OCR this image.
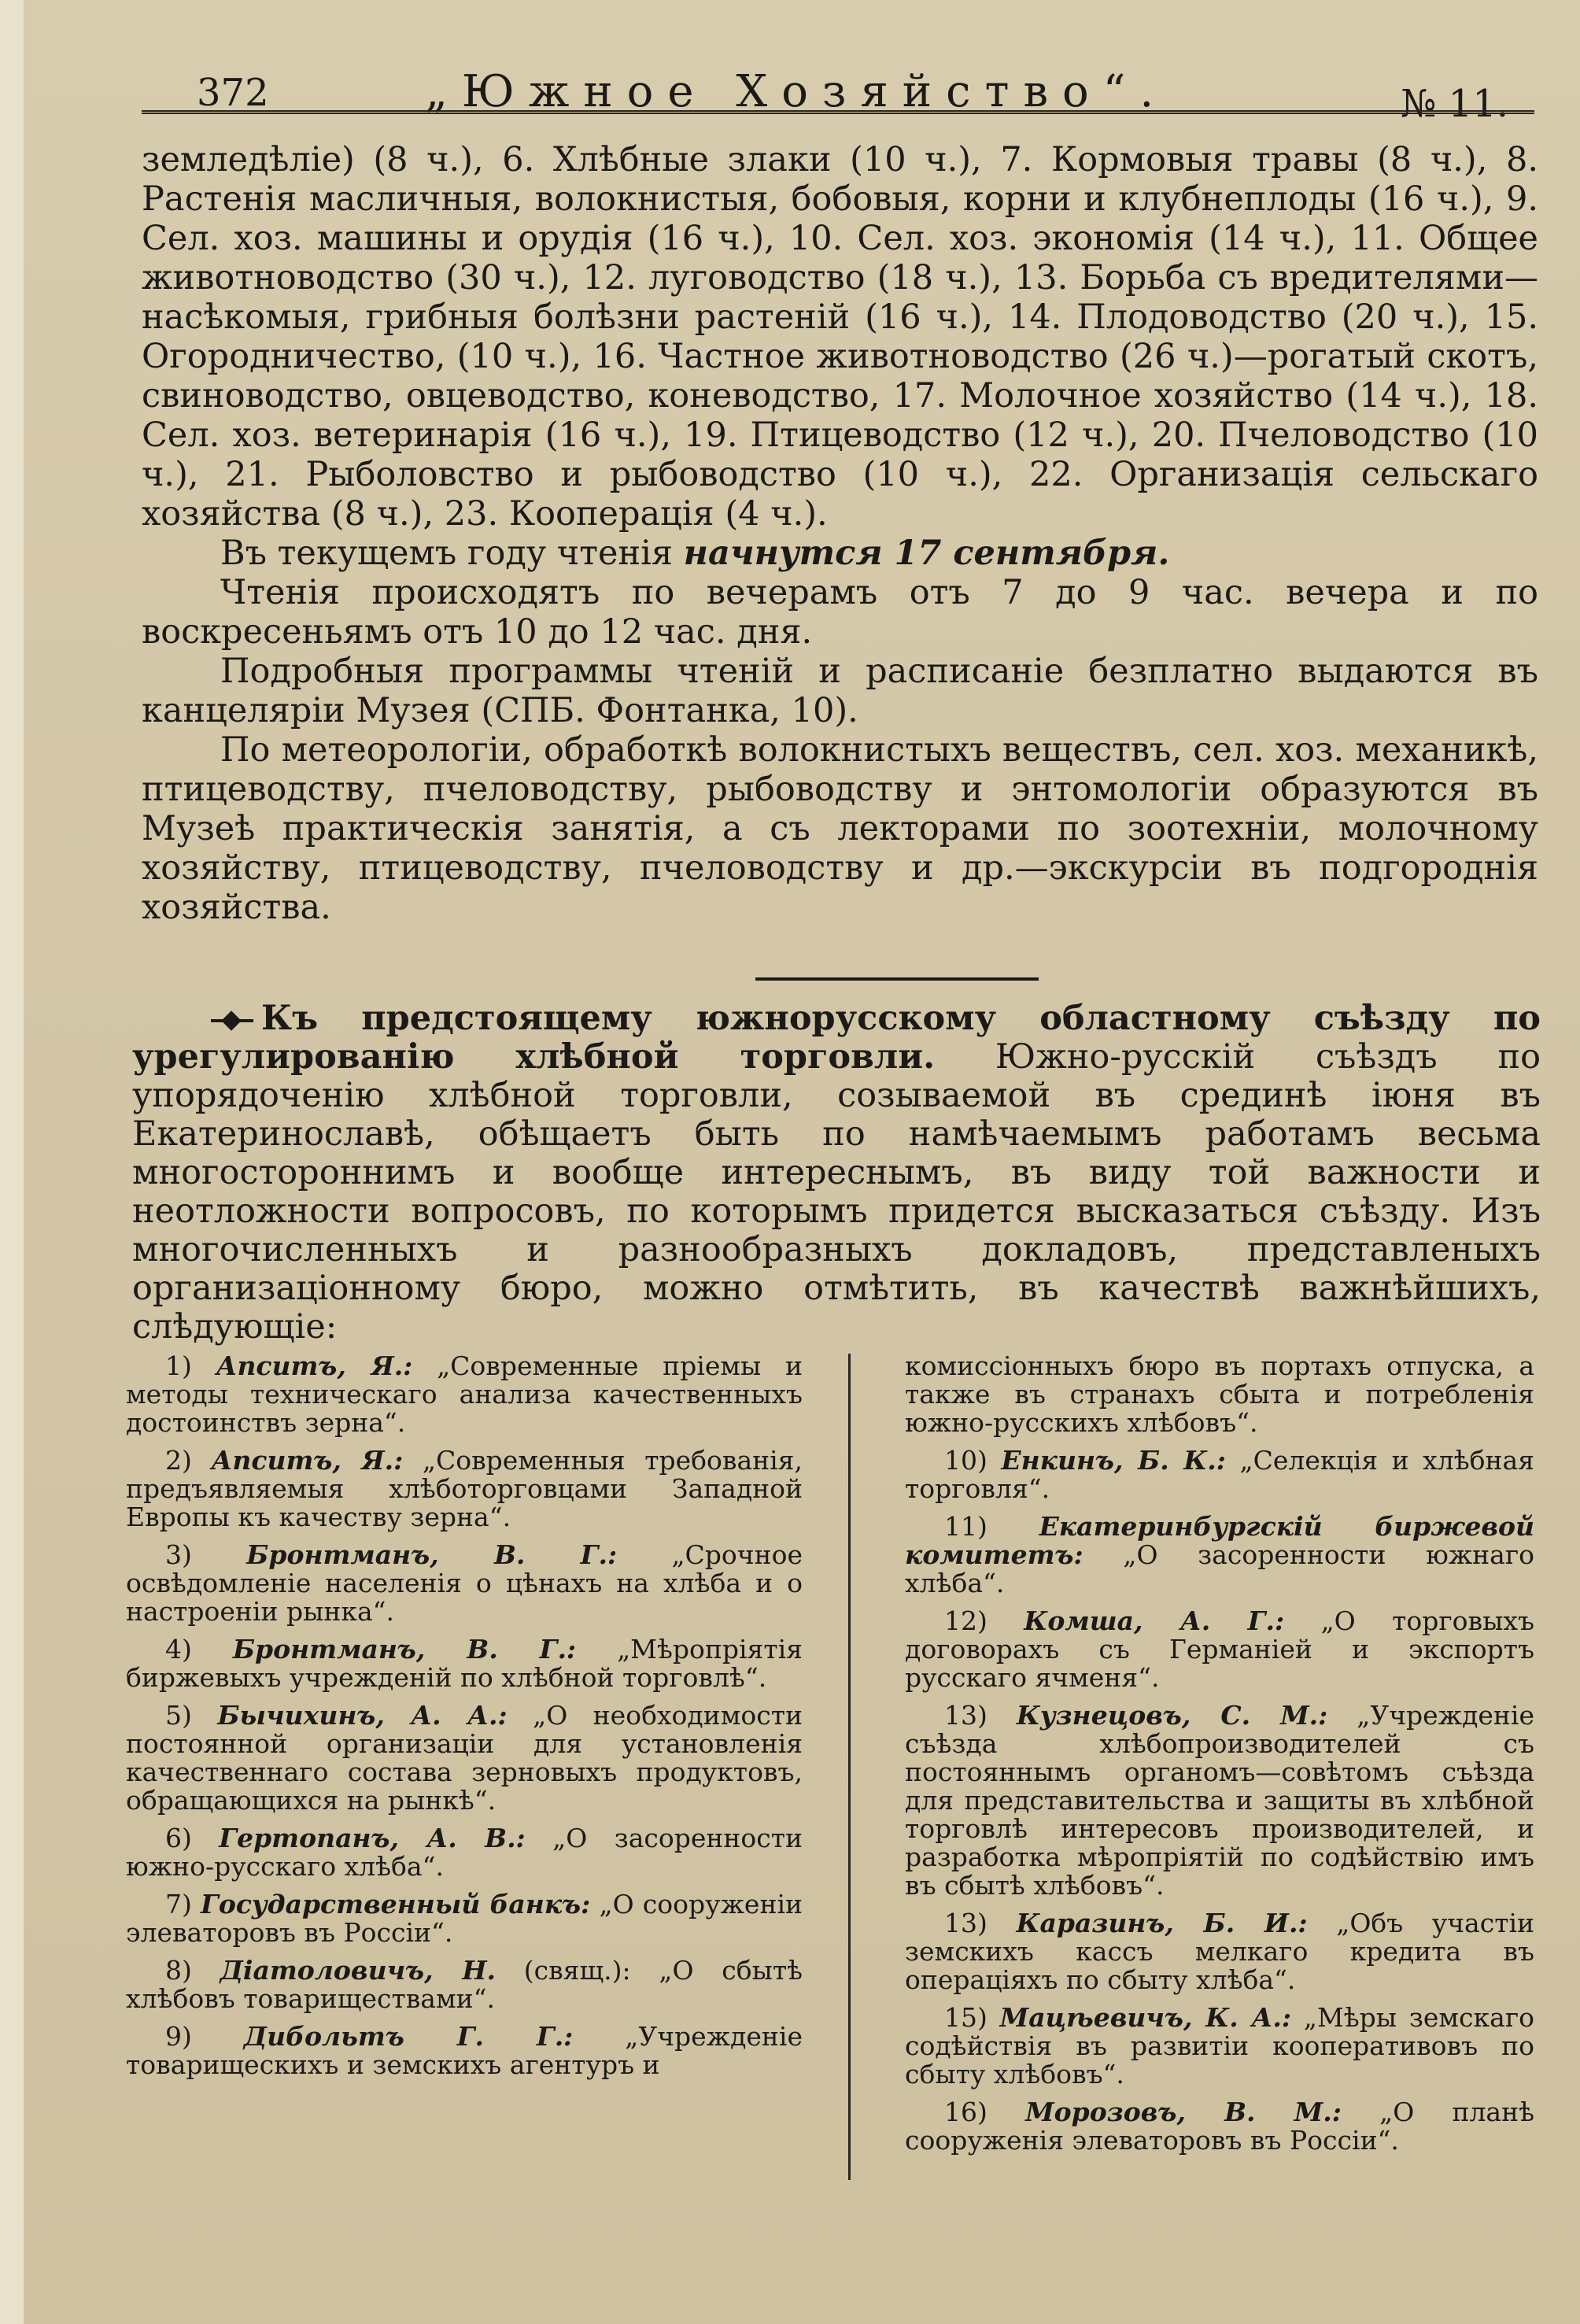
372	„Южное Хозяйство“.	№ 11.

земледѣліе) (8 ч.), 6. Хлѣбные злаки (10 ч.), 7. Кормовыя травы (8 ч.), 8. Растенія масличныя, волокнистыя, бобовыя, корни и клубнеплоды (16 ч.), 9. Сел. хоз. машины и орудія (16 ч.), 10. Сел. хоз. экономія (14 ч.), 11. Общее животноводство (30 ч.), 12. луговодство (18 ч.), 13. Борьба съ вредителями—насѣкомыя, грибныя болѣзни растеній (16 ч.), 14. Плодоводство (20 ч.), 15. Огородничество, (10 ч.), 16. Частное животноводство (26 ч.)—рогатый скотъ, свиноводство, овцеводство, коневодство, 17. Молочное хозяйство (14 ч.), 18. Сел. хоз. ветеринарія (16 ч.), 19. Птицеводство (12 ч.), 20. Пчеловодство (10 ч.), 21. Рыболовство и рыбоводство (10 ч.), 22. Организація сельскаго хозяйства (8 ч.), 23. Кооперація (4 ч.).

Въ текущемъ году чтенія начнутся 17 сентября.

Чтенія происходятъ по вечерамъ отъ 7 до 9 час. вечера и по воскресеньямъ отъ 10 до 12 час. дня.

Подробныя программы чтеній и расписаніе безплатно выдаются въ канцеляріи Музея (СПБ. Фонтанка, 10).

По метеорологіи, обработкѣ волокнистыхъ веществъ, сел. хоз. механикѣ, птицеводству, пчеловодству, рыбоводству и энтомологіи образуются въ Музеѣ практическія занятія, а съ лекторами по зоотехніи, молочному хозяйству, птицеводству, пчеловодству и др.—экскурсіи въ подгороднія хозяйства.

Къ предстоящему южнорусскому областному съѣзду по урегулированію хлѣбной торговли. Южно-русскій съѣздъ по упорядоченію хлѣбной торговли, созываемой въ срединѣ іюня въ Екатеринославѣ, обѣщаетъ быть по намѣчаемымъ работамъ весьма многостороннимъ и вообще интереснымъ, въ виду той важности и неотложности вопросовъ, по которымъ придется высказаться съѣзду. Изъ многочисленныхъ и разнообразныхъ докладовъ, представленыхъ организаціонному бюро, можно отмѣтить, въ качествѣ важнѣйшихъ, слѣдующіе:

1) Апситъ, Я.: „Современные пріемы и методы техническаго анализа качественныхъ достоинствъ зерна“.

2) Апситъ, Я.: „Современныя требованія, предъявляемыя хлѣботорговцами Западной Европы къ качеству зерна“.

3) Бронтманъ, В. Г.: „Срочное освѣдомленіе населенія о цѣнахъ на хлѣба и о настроеніи рынка“.

4) Бронтманъ, В. Г.: „Мѣропріятія биржевыхъ учрежденій по хлѣбной торговлѣ“.

5) Бычихинъ, А. А.: „О необходимости постоянной организаціи для установленія качественнаго состава зерновыхъ продуктовъ, обращающихся на рынкѣ“.

6) Гертопанъ, А. В.: „О засоренности южно-русскаго хлѣба“.

7) Государственный банкъ: „О сооруженіи элеваторовъ въ Россіи“.

8) Діатоловичъ, Н. (свящ.): „О сбытѣ хлѣбовъ товариществами“.

9) Дибольтъ Г. Г.: „Учрежденіе товарищескихъ и земскихъ агентуръ и

комиссіонныхъ бюро въ портахъ отпуска, а также въ странахъ сбыта и потребленія южно-русскихъ хлѣбовъ“.

10) Енкинъ, Б. К.: „Селекція и хлѣбная торговля“.

11) Екатеринбургскій биржевой комитетъ: „О засоренности южнаго хлѣба“.

12) Комша, А. Г.: „О торговыхъ договорахъ съ Германіей и экспортъ русскаго ячменя“.

13) Кузнецовъ, С. М.: „Учрежденіе съѣзда хлѣбопроизводителей съ постояннымъ органомъ—совѣтомъ съѣзда для представительства и защиты въ хлѣбной торговлѣ интересовъ производителей, и разработка мѣропріятій по содѣйствію имъ въ сбытѣ хлѣбовъ“.

13) Каразинъ, Б. И.: „Объ участіи земскихъ кассъ мелкаго кредита въ операціяхъ по сбыту хлѣба“.

15) Мацѣевичъ, К. А.: „Мѣры земскаго содѣйствія въ развитіи кооперативовъ по сбыту хлѣбовъ“.

16) Морозовъ, В. М.: „О планѣ сооруженія элеваторовъ въ Россіи“.
